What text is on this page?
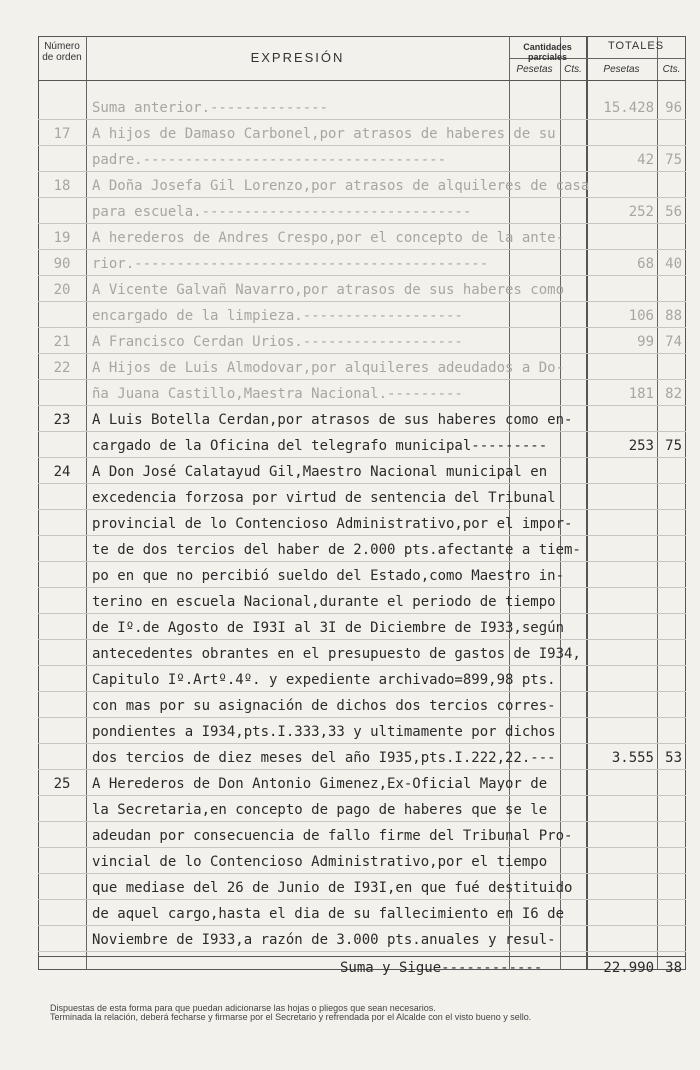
Número de orden	EXPRESIÓN
Cantidades parciales
TOTALES
Pesetas	Cts.	Pesetas	Cts.
Suma anterior.--------------	15.428 96
17	A hijos de Damaso Carbonel,por atrasos de haberes de su
padre.------------------------------------	42 75
18	A Doña Josefa Gil Lorenzo,por atrasos de alquileres de casa
para escuela.--------------------------------	252 56
19	A herederos de Andres Crespo,por el concepto de la ante-
90	rior.------------------------------------------	68 40
20	A Vicente Galvañ Navarro,por atrasos de sus haberes como
encargado de la limpieza.-------------------	106 88
21	A Francisco Cerdan Urios.-------------------	99 74
22	A Hijos de Luis Almodovar,por alquileres adeudados a Do-
ña Juana Castillo,Maestra Nacional.---------	181 82
23	A Luis Botella Cerdan,por atrasos de sus haberes como en-
cargado de la Oficina del telegrafo municipal---------	253 75
24	A Don José Calatayud Gil,Maestro Nacional municipal en
excedencia forzosa por virtud de sentencia del Tribunal
provincial de lo Contencioso Administrativo,por el impor-
te de dos tercios del haber de 2.000 pts.afectante a tiem-
po en que no percibió sueldo del Estado,como Maestro in-
terino en escuela Nacional,durante el periodo de tiempo
de Iº.de Agosto de I93I al 3I de Diciembre de I933,según
antecedentes obrantes en el presupuesto de gastos de I934,
Capitulo Iº.Artº.4º. y expediente archivado=899,98 pts.
con mas por su asignación de dichos dos tercios corres-
pondientes a I934,pts.I.333,33 y ultimamente por dichos
dos tercios de diez meses del año I935,pts.I.222,22.---	3.555 53
25	A Herederos de Don Antonio Gimenez,Ex-Oficial Mayor de
la Secretaria,en concepto de pago de haberes que se le
adeudan por consecuencia de fallo firme del Tribunal Pro-
vincial de lo Contencioso Administrativo,por el tiempo
que mediase del 26 de Junio de I93I,en que fué destituido
de aquel cargo,hasta el dia de su fallecimiento en I6 de
Noviembre de I933,a razón de 3.000 pts.anuales y resul-
Suma y Sigue------------	22.990 38
Dispuestas de esta forma para que puedan adicionarse las hojas o pliegos que sean necesarios.
Terminada la relación, deberá fecharse y firmarse por el Secretario y refrendada por el Alcalde con el visto bueno y sello.
